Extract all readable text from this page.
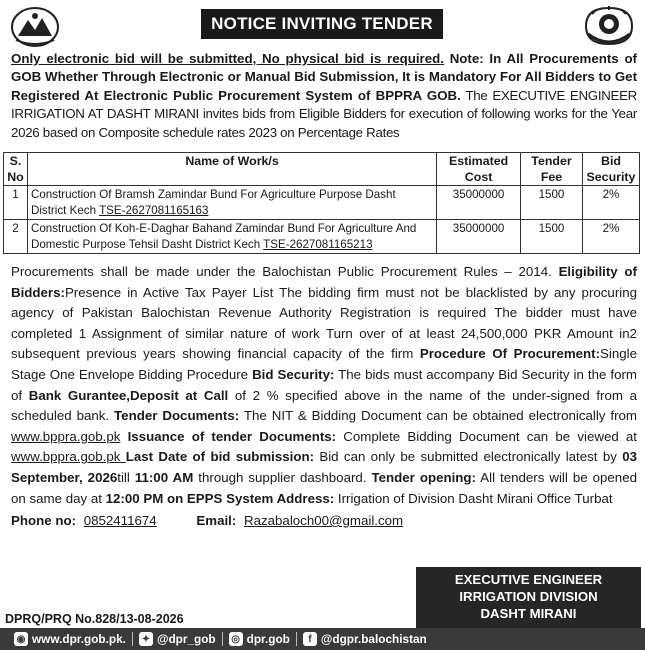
NOTICE INVITING TENDER
Only electronic bid will be submitted, No physical bid is required. Note: In All Procurements of GOB Whether Through Electronic or Manual Bid Submission, It is Mandatory For All Bidders to Get Registered At Electronic Public Procurement System of BPPRA GOB. The EXECUTIVE ENGINEER IRRIGATION AT DASHT MIRANI invites bids from Eligible Bidders for execution of following works for the Year 2026 based on Composite schedule rates 2023 on Percentage Rates
S. No	Name of Work/s	Estimated Cost	Tender Fee	Bid Security
1	Construction Of Bramsh Zamindar Bund For Agriculture Purpose Dasht District Kech TSE-2627081165163	35000000	1500	2%
2	Construction Of Koh-E-Daghar Bahand Zamindar Bund For Agriculture And Domestic Purpose Tehsil Dasht District Kech TSE-2627081165213	35000000	1500	2%
Procurements shall be made under the Balochistan Public Procurement Rules – 2014. Eligibility of Bidders:Presence in Active Tax Payer List The bidding firm must not be blacklisted by any procuring agency of Pakistan Balochistan Revenue Authority Registration is required The bidder must have completed 1 Assignment of similar nature of work Turn over of at least 24,500,000 PKR Amount in2 subsequent previous years showing financial capacity of the firm Procedure Of Procurement:Single Stage One Envelope Bidding Procedure Bid Security: The bids must accompany Bid Security in the form of Bank Gurantee,Deposit at Call of 2 % specified above in the name of the under-signed from a scheduled bank. Tender Documents: The NIT & Bidding Document can be obtained electronically from www.bppra.gob.pk Issuance of tender Documents: Complete Bidding Document can be viewed at www.bppra.gob.pk Last Date of bid submission: Bid can only be submitted electronically latest by 03 September, 2026till 11:00 AM through supplier dashboard. Tender opening: All tenders will be opened on same day at 12:00 PM on EPPS System Address: Irrigation of Division Dasht Mirani Office Turbat
Phone no: 0852411674	Email: Razabaloch00@gmail.com
EXECUTIVE ENGINEER
IRRIGATION DIVISION
DASHT MIRANI
DPRQ/PRQ No.828/13-08-2026
◉ www.dpr.gob.pk. ✦ @dpr_gob ◎ dpr.gob	f @dgpr.balochistan
